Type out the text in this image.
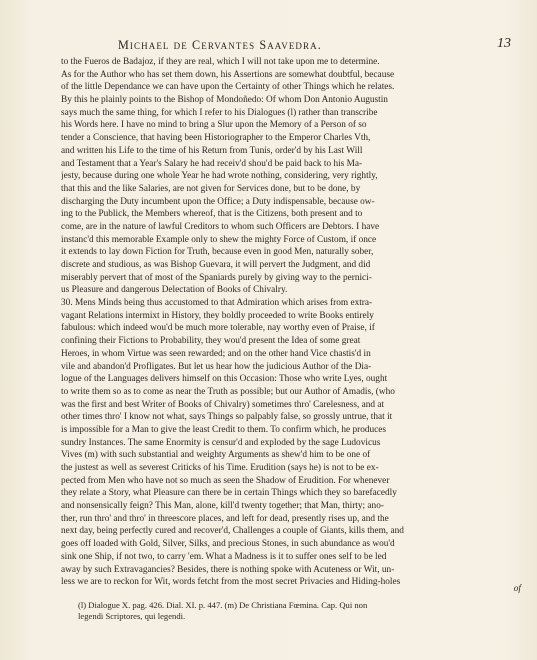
Michael de Cervantes Saavedra.	13
to the Fueros de Badajoz, if they are real, which I will not take upon me to determine.
As for the Author who has set them down, his Assertions are somewhat doubtful, because
of the little Dependance we can have upon the Certainty of other Things which he relates.
By this he plainly points to the Bishop of Mondoñedo: Of whom Don Antonio Augustin
says much the same thing, for which I refer to his Dialogues (l) rather than transcribe
his Words here. I have no mind to bring a Slur upon the Memory of a Person of so
tender a Conscience, that having been Historiographer to the Emperor Charles Vth,
and written his Life to the time of his Return from Tunis, order'd by his Last Will
and Testament that a Year's Salary he had receiv'd shou'd be paid back to his Ma-
jesty, because during one whole Year he had wrote nothing, considering, very rightly,
that this and the like Salaries, are not given for Services done, but to be done, by
discharging the Duty incumbent upon the Office; a Duty indispensable, because ow-
ing to the Publick, the Members whereof, that is the Citizens, both present and to
come, are in the nature of lawful Creditors to whom such Officers are Debtors. I have
instanc'd this memorable Example only to shew the mighty Force of Custom, if once
it extends to lay down Fiction for Truth, because even in good Men, naturally sober,
discrete and studious, as was Bishop Guevara, it will pervert the Judgment, and did
miserably pervert that of most of the Spaniards purely by giving way to the pernici-
us Pleasure and dangerous Delectation of Books of Chivalry.
30. Mens Minds being thus accustomed to that Admiration which arises from extra-
vagant Relations intermixt in History, they boldly proceeded to write Books entirely
fabulous: which indeed wou'd be much more tolerable, nay worthy even of Praise, if
confining their Fictions to Probability, they wou'd present the Idea of some great
Heroes, in whom Virtue was seen rewarded; and on the other hand Vice chastis'd in
vile and abandon'd Profligates. But let us hear how the judicious Author of the Dia-
logue of the Languages delivers himself on this Occasion: Those who write Lyes, ought
to write them so as to come as near the Truth as possible; but our Author of Amadis, (who
was the first and best Writer of Books of Chivalry) sometimes thro' Carelesness, and at
other times thro' I know not what, says Things so palpably false, so grossly untrue, that it
is impossible for a Man to give the least Credit to them. To confirm which, he produces
sundry Instances. The same Enormity is censur'd and exploded by the sage Ludovicus
Vives (m) with such substantial and weighty Arguments as shew'd him to be one of
the justest as well as severest Criticks of his Time. Erudition (says he) is not to be ex-
pected from Men who have not so much as seen the Shadow of Erudition. For whenever
they relate a Story, what Pleasure can there be in certain Things which they so barefacedly
and nonsensically feign? This Man, alone, kill'd twenty together; that Man, thirty; ano-
ther, run thro' and thro' in threescore places, and left for dead, presently rises up, and the
next day, being perfectly cured and recover'd, Challenges a couple of Giants, kills them, and
goes off loaded with Gold, Silver, Silks, and precious Stones, in such abundance as wou'd
sink one Ship, if not two, to carry 'em. What a Madness is it to suffer ones self to be led
away by such Extravagancies? Besides, there is nothing spoke with Acuteness or Wit, un-
less we are to reckon for Wit, words fetcht from the most secret Privacies and Hiding-holes
of
(l) Dialogue X. pag. 426. Dial. XI. p. 447. (m) De Christiana Fœmina. Cap. Qui non
legendi Scriptores, qui legendi.
